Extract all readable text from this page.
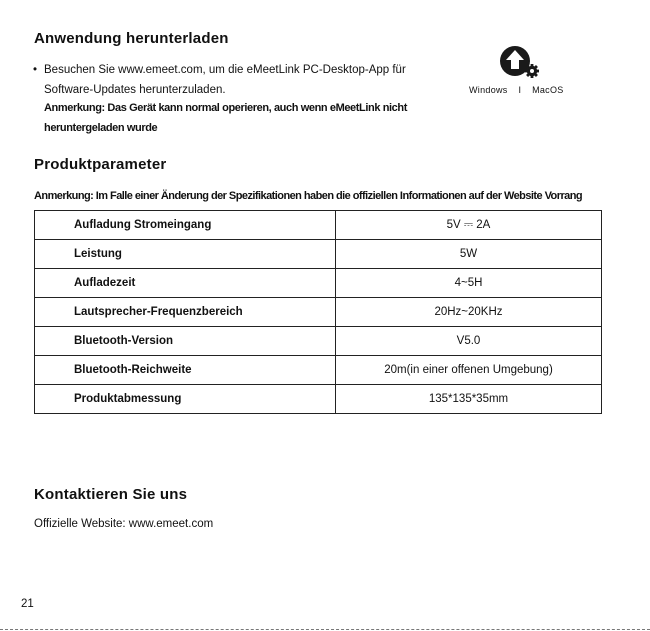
Anwendung herunterladen
• Besuchen Sie www.emeet.com, um die eMeetLink PC-Desktop-App für
Software-Updates herunterzuladen.
Anmerkung: Das Gerät kann normal operieren, auch wenn eMeetLink nicht
heruntergeladen wurde
Windows I MacOS
Produktparameter
Anmerkung: Im Falle einer Änderung der Spezifikationen haben die offiziellen Informationen auf der Website Vorrang
Aufladung Stromeingang	5V ⎓ 2A
Leistung	5W
Aufladezeit	4~5H
Lautsprecher-Frequenzbereich	20Hz~20KHz
Bluetooth-Version	V5.0
Bluetooth-Reichweite	20m(in einer offenen Umgebung)
Produktabmessung	135*135*35mm
Kontaktieren Sie uns
Offizielle Website: www.emeet.com
21
